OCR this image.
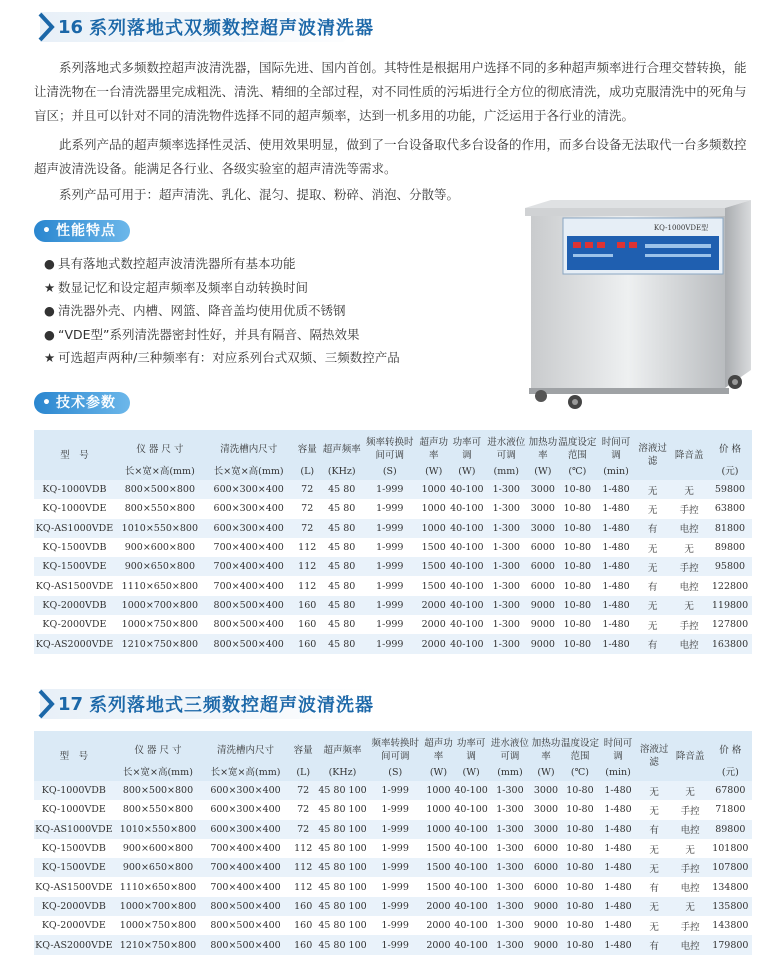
16 系列落地式双频数控超声波清洗器

系列落地式多频数控超声波清洗器，国际先进、国内首创。其特性是根据用户选择不同的多种超声频率进行合理交替转换，能让清洗物在一台清洗器里完成粗洗、清洗、精细的全部过程，对不同性质的污垢进行全方位的彻底清洗，成功克服清洗中的死角与盲区；并且可以针对不同的清洗物件选择不同的超声频率，达到一机多用的功能，广泛运用于各行业的清洗。

此系列产品的超声频率选择性灵活、使用效果明显，做到了一台设备取代多台设备的作用，而多台设备无法取代一台多频数控超声波清洗设备。能满足各行业、各级实验室的超声清洗等需求。

系列产品可用于：超声清洗、乳化、混匀、提取、粉碎、消泡、分散等。

• 性能特点
● 具有落地式数控超声波清洗器所有基本功能
★ 数显记忆和设定超声频率及频率自动转换时间
● 清洗器外壳、内槽、网篮、降音盖均使用优质不锈钢
● “VDE型”系列清洗器密封性好，并具有隔音、隔热效果
★ 可选超声两种/三种频率有：对应系列台式双频、三频数控产品
KQ-1000VDE型
• 技术参数
型　号	仪 器 尺 寸	清洗槽内尺寸	容量	超声频率	频率转换时间可调	超声功率	功率可调	进水液位可调	加热功率	温度设定范围	时间可调	溶液过滤	降音盖	价 格
	长×宽×高(mm)	长×宽×高(mm)	(L)	(KHz)	(S)	(W)	(W)	(mm)	(W)	(℃)	(min)			(元)
KQ-1000VDB	800×500×800	600×300×400	72	45 80	1-999	1000	40-100	1-300	3000	10-80	1-480	无	无	59800
KQ-1000VDE	800×550×800	600×300×400	72	45 80	1-999	1000	40-100	1-300	3000	10-80	1-480	无	手控	63800
KQ-AS1000VDE	1010×550×800	600×300×400	72	45 80	1-999	1000	40-100	1-300	3000	10-80	1-480	有	电控	81800
KQ-1500VDB	900×600×800	700×400×400	112	45 80	1-999	1500	40-100	1-300	6000	10-80	1-480	无	无	89800
KQ-1500VDE	900×650×800	700×400×400	112	45 80	1-999	1500	40-100	1-300	6000	10-80	1-480	无	手控	95800
KQ-AS1500VDE	1110×650×800	700×400×400	112	45 80	1-999	1500	40-100	1-300	6000	10-80	1-480	有	电控	122800
KQ-2000VDB	1000×700×800	800×500×400	160	45 80	1-999	2000	40-100	1-300	9000	10-80	1-480	无	无	119800
KQ-2000VDE	1000×750×800	800×500×400	160	45 80	1-999	2000	40-100	1-300	9000	10-80	1-480	无	手控	127800
KQ-AS2000VDE	1210×750×800	800×500×400	160	45 80	1-999	2000	40-100	1-300	9000	10-80	1-480	有	电控	163800
17 系列落地式三频数控超声波清洗器
型　号	仪 器 尺 寸	清洗槽内尺寸	容量	超声频率	频率转换时间可调	超声功率	功率可调	进水液位可调	加热功率	温度设定范围	时间可调	溶液过滤	降音盖	价 格
	长×宽×高(mm)	长×宽×高(mm)	(L)	(KHz)	(S)	(W)	(W)	(mm)	(W)	(℃)	(min)			(元)
KQ-1000VDB	800×500×800	600×300×400	72	45 80 100	1-999	1000	40-100	1-300	3000	10-80	1-480	无	无	67800
KQ-1000VDE	800×550×800	600×300×400	72	45 80 100	1-999	1000	40-100	1-300	3000	10-80	1-480	无	手控	71800
KQ-AS1000VDE	1010×550×800	600×300×400	72	45 80 100	1-999	1000	40-100	1-300	3000	10-80	1-480	有	电控	89800
KQ-1500VDB	900×600×800	700×400×400	112	45 80 100	1-999	1500	40-100	1-300	6000	10-80	1-480	无	无	101800
KQ-1500VDE	900×650×800	700×400×400	112	45 80 100	1-999	1500	40-100	1-300	6000	10-80	1-480	无	手控	107800
KQ-AS1500VDE	1110×650×800	700×400×400	112	45 80 100	1-999	1500	40-100	1-300	6000	10-80	1-480	有	电控	134800
KQ-2000VDB	1000×700×800	800×500×400	160	45 80 100	1-999	2000	40-100	1-300	9000	10-80	1-480	无	无	135800
KQ-2000VDE	1000×750×800	800×500×400	160	45 80 100	1-999	2000	40-100	1-300	9000	10-80	1-480	无	手控	143800
KQ-AS2000VDE	1210×750×800	800×500×400	160	45 80 100	1-999	2000	40-100	1-300	9000	10-80	1-480	有	电控	179800
